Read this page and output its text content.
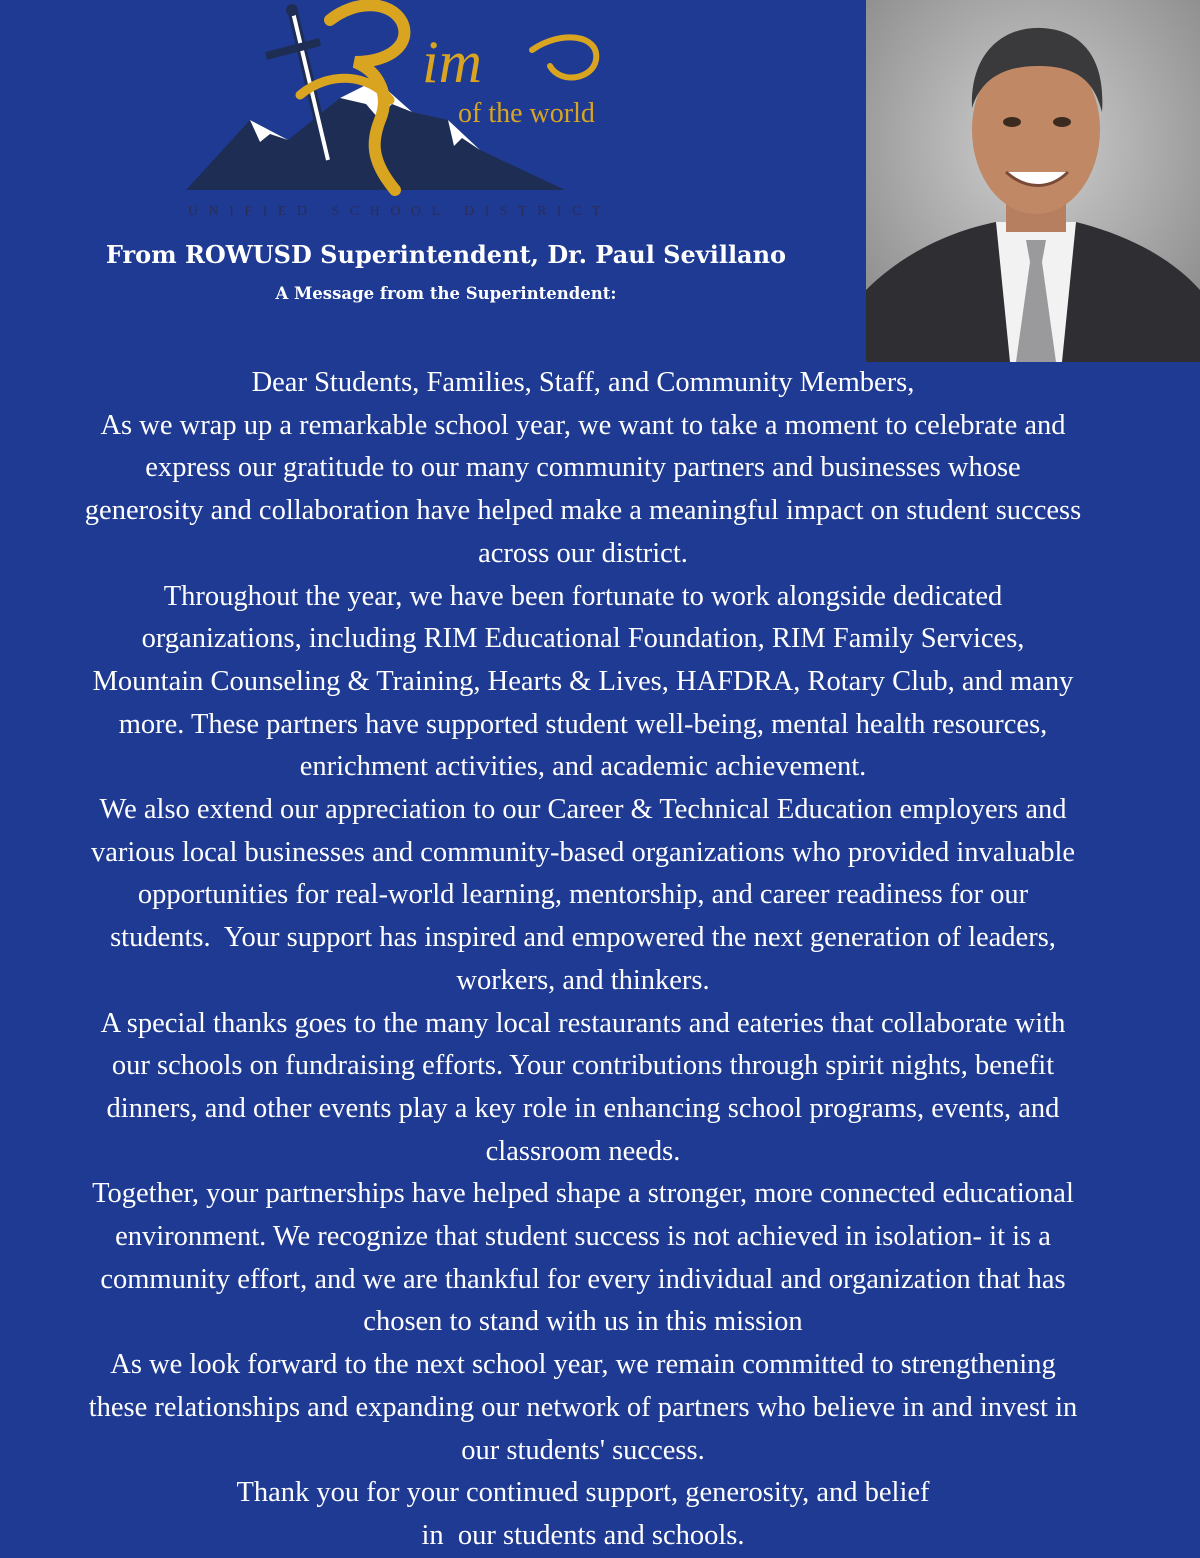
im
of the world
UNIFIED SCHOOL DISTRICT
From ROWUSD Superintendent, Dr. Paul Sevillano
A Message from the Superintendent:
Dear Students, Families, Staff, and Community Members,
As we wrap up a remarkable school year, we want to take a moment to celebrate and
express our gratitude to our many community partners and businesses whose
generosity and collaboration have helped make a meaningful impact on student success
across our district.
Throughout the year, we have been fortunate to work alongside dedicated
organizations, including RIM Educational Foundation, RIM Family Services,
Mountain Counseling & Training, Hearts & Lives, HAFDRA, Rotary Club, and many
more. These partners have supported student well-being, mental health resources,
enrichment activities, and academic achievement.
We also extend our appreciation to our Career & Technical Education employers and
various local businesses and community-based organizations who provided invaluable
opportunities for real-world learning, mentorship, and career readiness for our
students.  Your support has inspired and empowered the next generation of leaders,
workers, and thinkers.
A special thanks goes to the many local restaurants and eateries that collaborate with
our schools on fundraising efforts. Your contributions through spirit nights, benefit
dinners, and other events play a key role in enhancing school programs, events, and
classroom needs.
Together, your partnerships have helped shape a stronger, more connected educational
environment. We recognize that student success is not achieved in isolation- it is a
community effort, and we are thankful for every individual and organization that has
chosen to stand with us in this mission
As we look forward to the next school year, we remain committed to strengthening
these relationships and expanding our network of partners who believe in and invest in
our students' success.
Thank you for your continued support, generosity, and belief
in  our students and schools.
